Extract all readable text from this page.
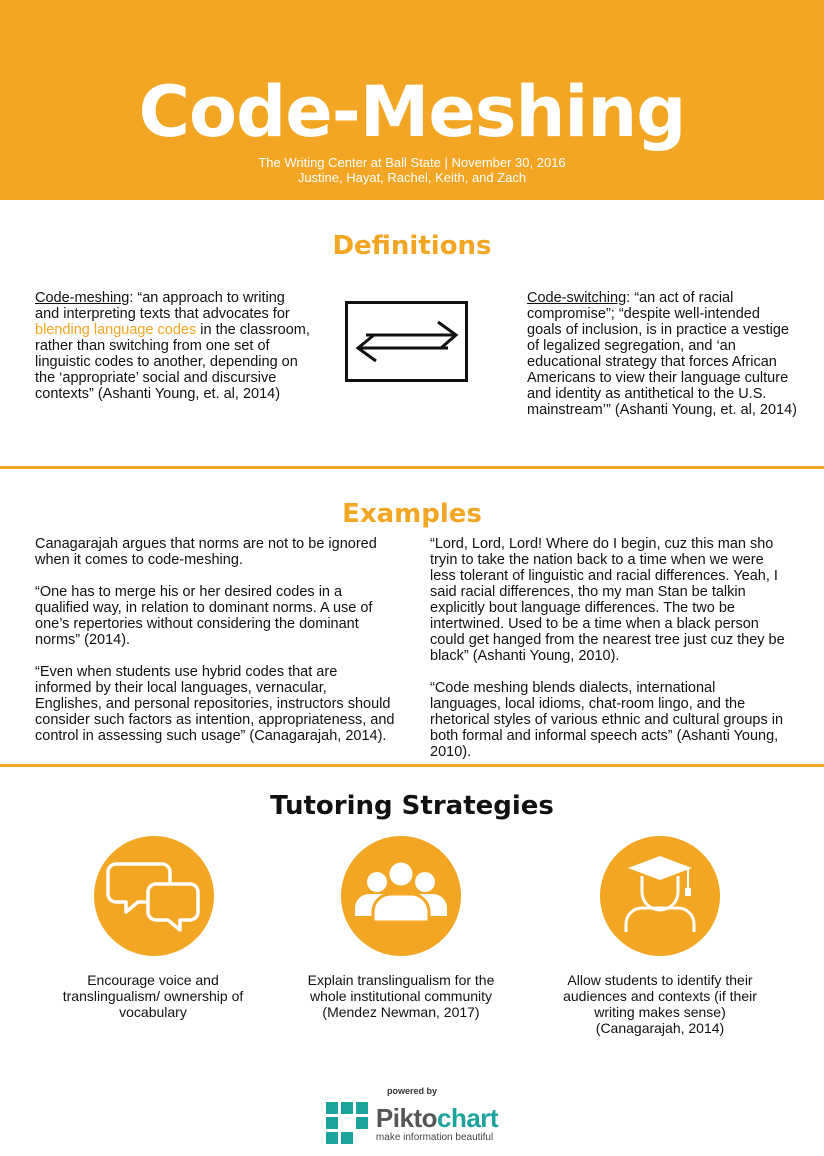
Code-Meshing
The Writing Center at Ball State | November 30, 2016
Justine, Hayat, Rachel, Keith, and Zach
Definitions
Code-meshing: “an approach to writing and interpreting texts that advocates for blending language codes in the classroom, rather than switching from one set of linguistic codes to another, depending on the ‘appropriate’ social and discursive contexts” (Ashanti Young, et. al, 2014)
Code-switching: “an act of racial compromise”; “despite well-intended goals of inclusion, is in practice a vestige of legalized segregation, and ‘an educational strategy that forces African Americans to view their language culture and identity as antithetical to the U.S. mainstream’” (Ashanti Young, et. al, 2014)
Examples

Canagarajah argues that norms are not to be ignored when it comes to code-meshing.

“One has to merge his or her desired codes in a qualified way, in relation to dominant norms. A use of one’s repertories without considering the dominant norms” (2014).

“Even when students use hybrid codes that are informed by their local languages, vernacular, Englishes, and personal repositories, instructors should consider such factors as intention, appropriateness, and control in assessing such usage” (Canagarajah, 2014).

“Lord, Lord, Lord! Where do I begin, cuz this man sho tryin to take the nation back to a time when we were less tolerant of linguistic and racial differences. Yeah, I said racial differences, tho my man Stan be talkin explicitly bout language differences. The two be intertwined. Used to be a time when a black person could get hanged from the nearest tree just cuz they be black” (Ashanti Young, 2010).

“Code meshing blends dialects, international languages, local idioms, chat-room lingo, and the rhetorical styles of various ethnic and cultural groups in both formal and informal speech acts” (Ashanti Young, 2010).

Tutoring Strategies
Encourage voice and translingualism/ ownership of vocabulary
Explain translingualism for the whole institutional community (Mendez Newman, 2017)
Allow students to identify their audiences and contexts (if their writing makes sense) (Canagarajah, 2014)
powered by
Piktochart
make information beautiful
